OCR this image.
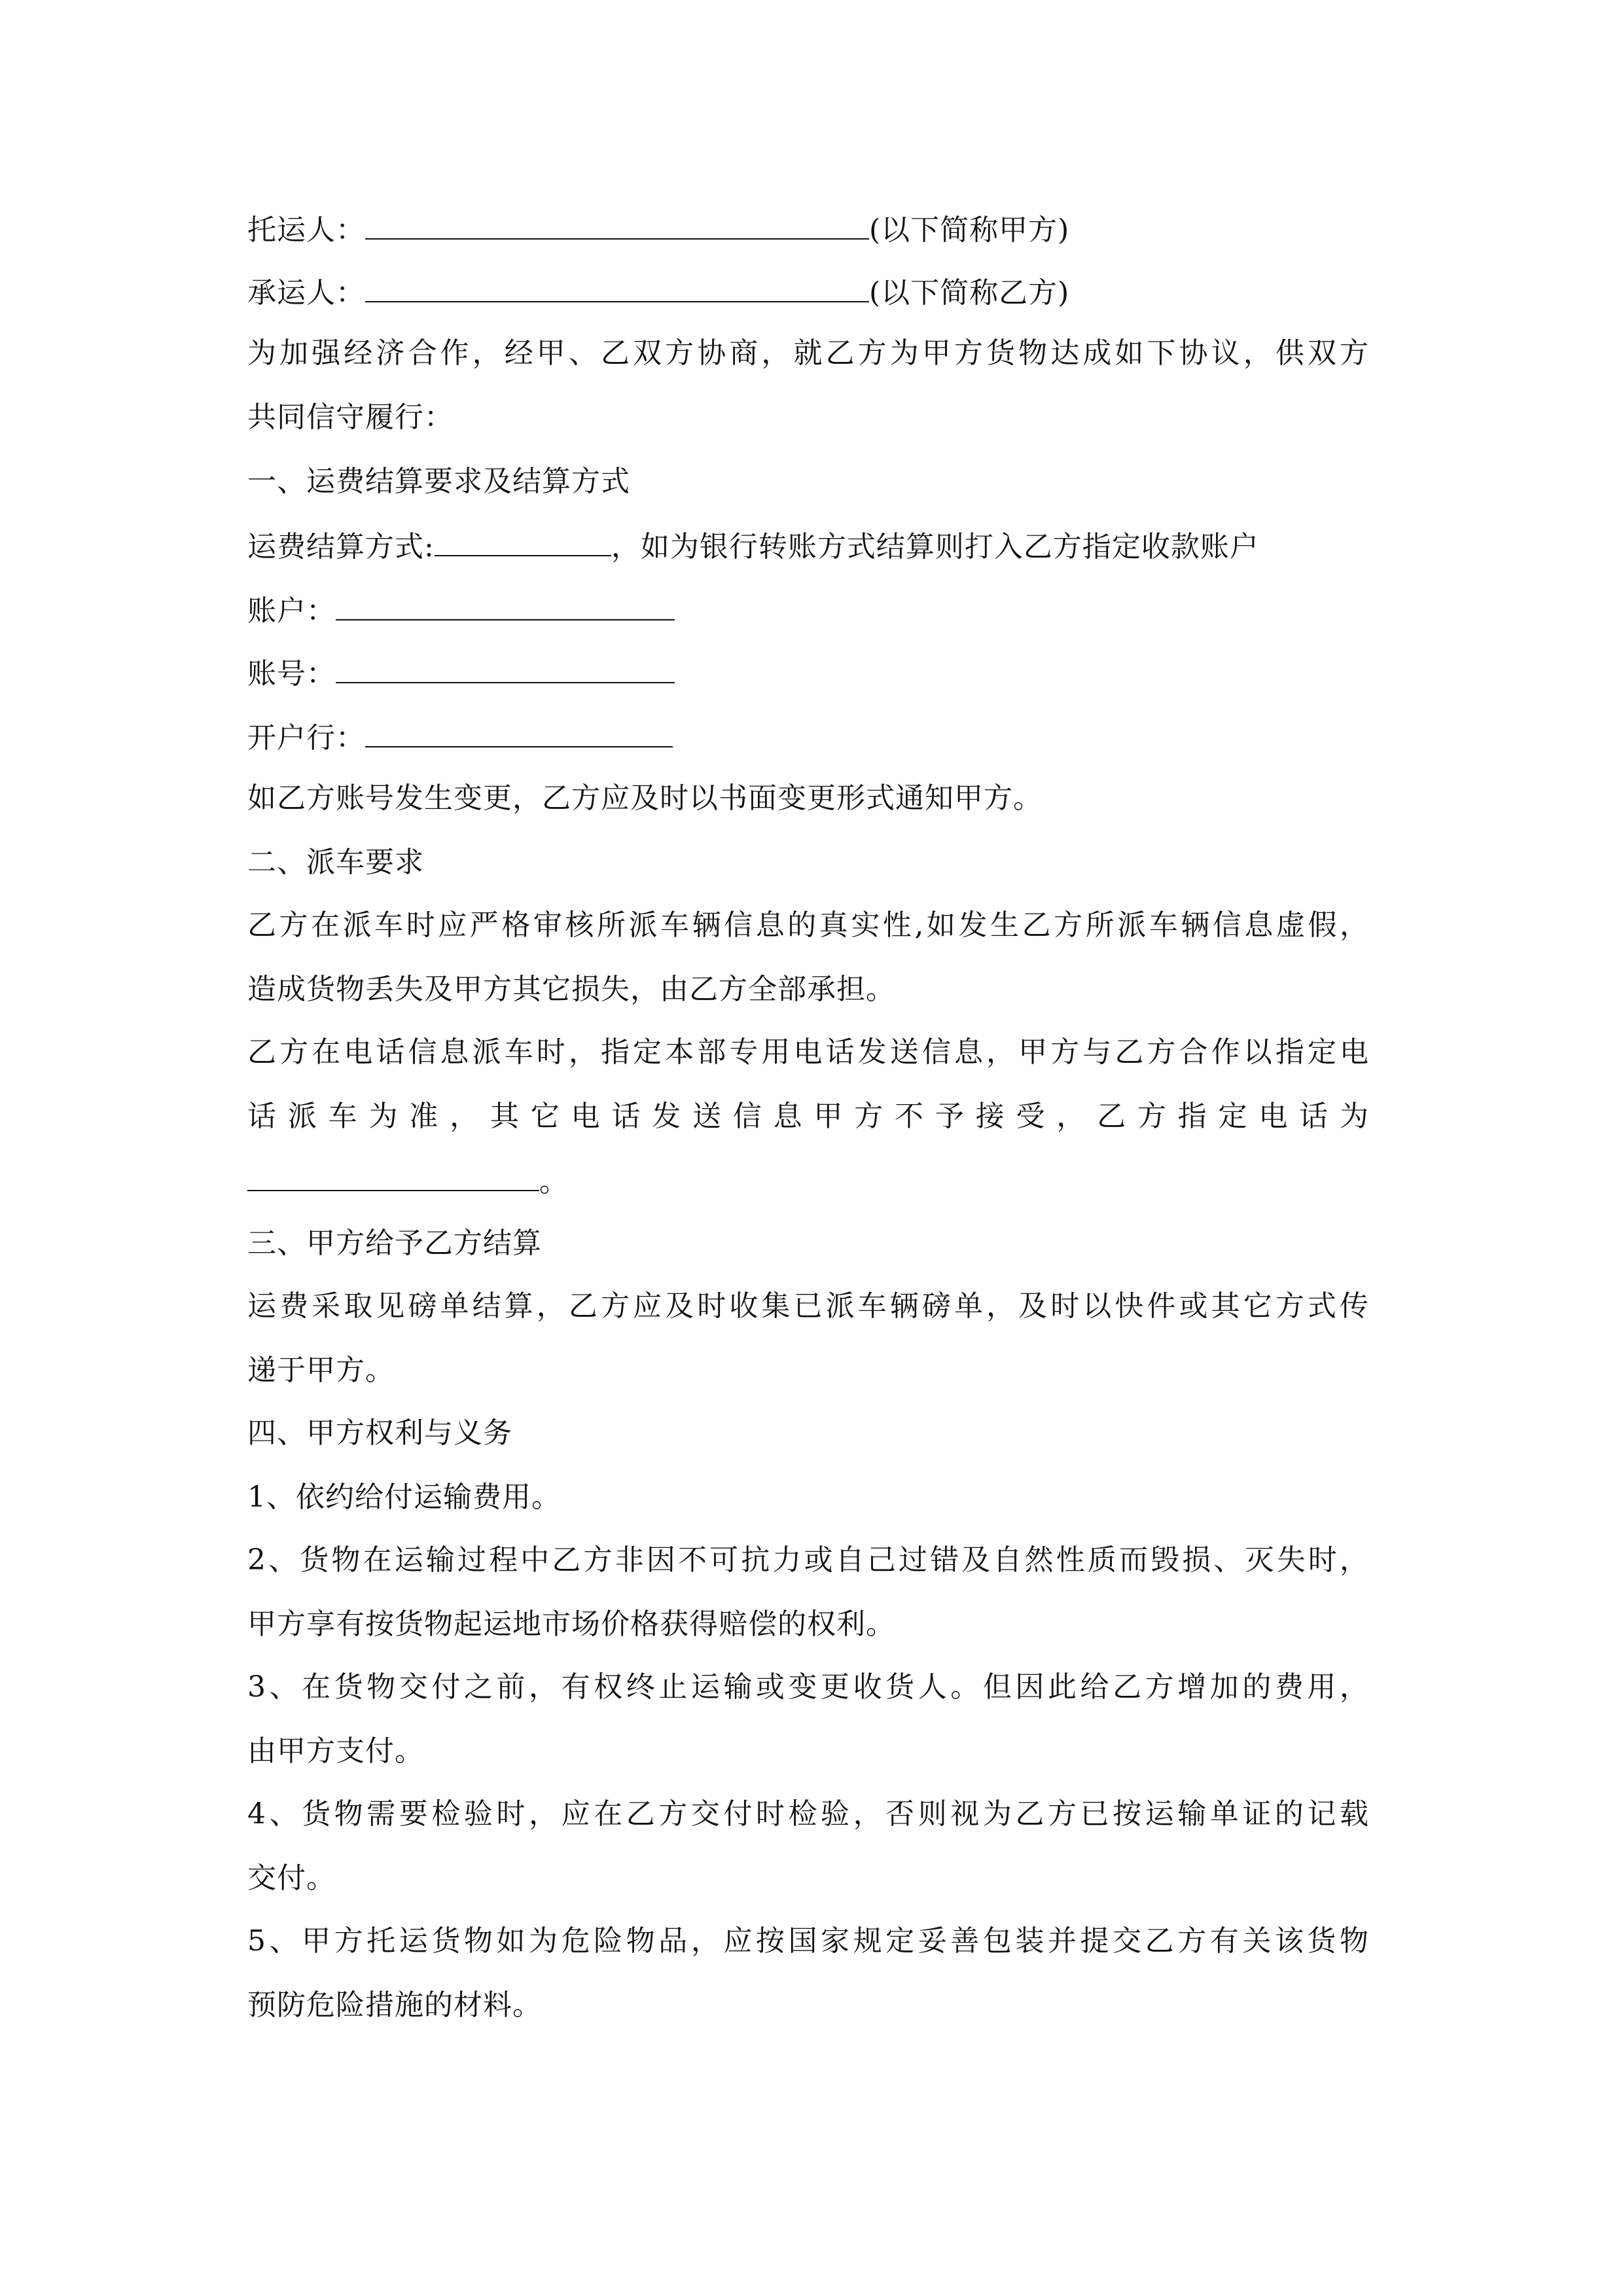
托运人：	(以下简称甲方)
承运人：	(以下简称乙方)
为加强经济合作，经甲、乙双方协商，就乙方为甲方货物达成如下协议，供双方
共同信守履行：
一、运费结算要求及结算方式
运费结算方式:	，如为银行转账方式结算则打入乙方指定收款账户
账户：
账号：
开户行：
如乙方账号发生变更，乙方应及时以书面变更形式通知甲方。
二、派车要求
乙方在派车时应严格审核所派车辆信息的真实性,如发生乙方所派车辆信息虚假，
造成货物丢失及甲方其它损失，由乙方全部承担。
乙方在电话信息派车时，指定本部专用电话发送信息，甲方与乙方合作以指定电
话派车为准，其它电话发送信息甲方不予接受，乙方指定电话为
。
三、甲方给予乙方结算
运费采取见磅单结算，乙方应及时收集已派车辆磅单，及时以快件或其它方式传
递于甲方。
四、甲方权利与义务
1、依约给付运输费用。
2、货物在运输过程中乙方非因不可抗力或自己过错及自然性质而毁损、灭失时，
甲方享有按货物起运地市场价格获得赔偿的权利。
3、在货物交付之前，有权终止运输或变更收货人。但因此给乙方增加的费用，
由甲方支付。
4、货物需要检验时，应在乙方交付时检验，否则视为乙方已按运输单证的记载
交付。
5、甲方托运货物如为危险物品，应按国家规定妥善包装并提交乙方有关该货物
预防危险措施的材料。
